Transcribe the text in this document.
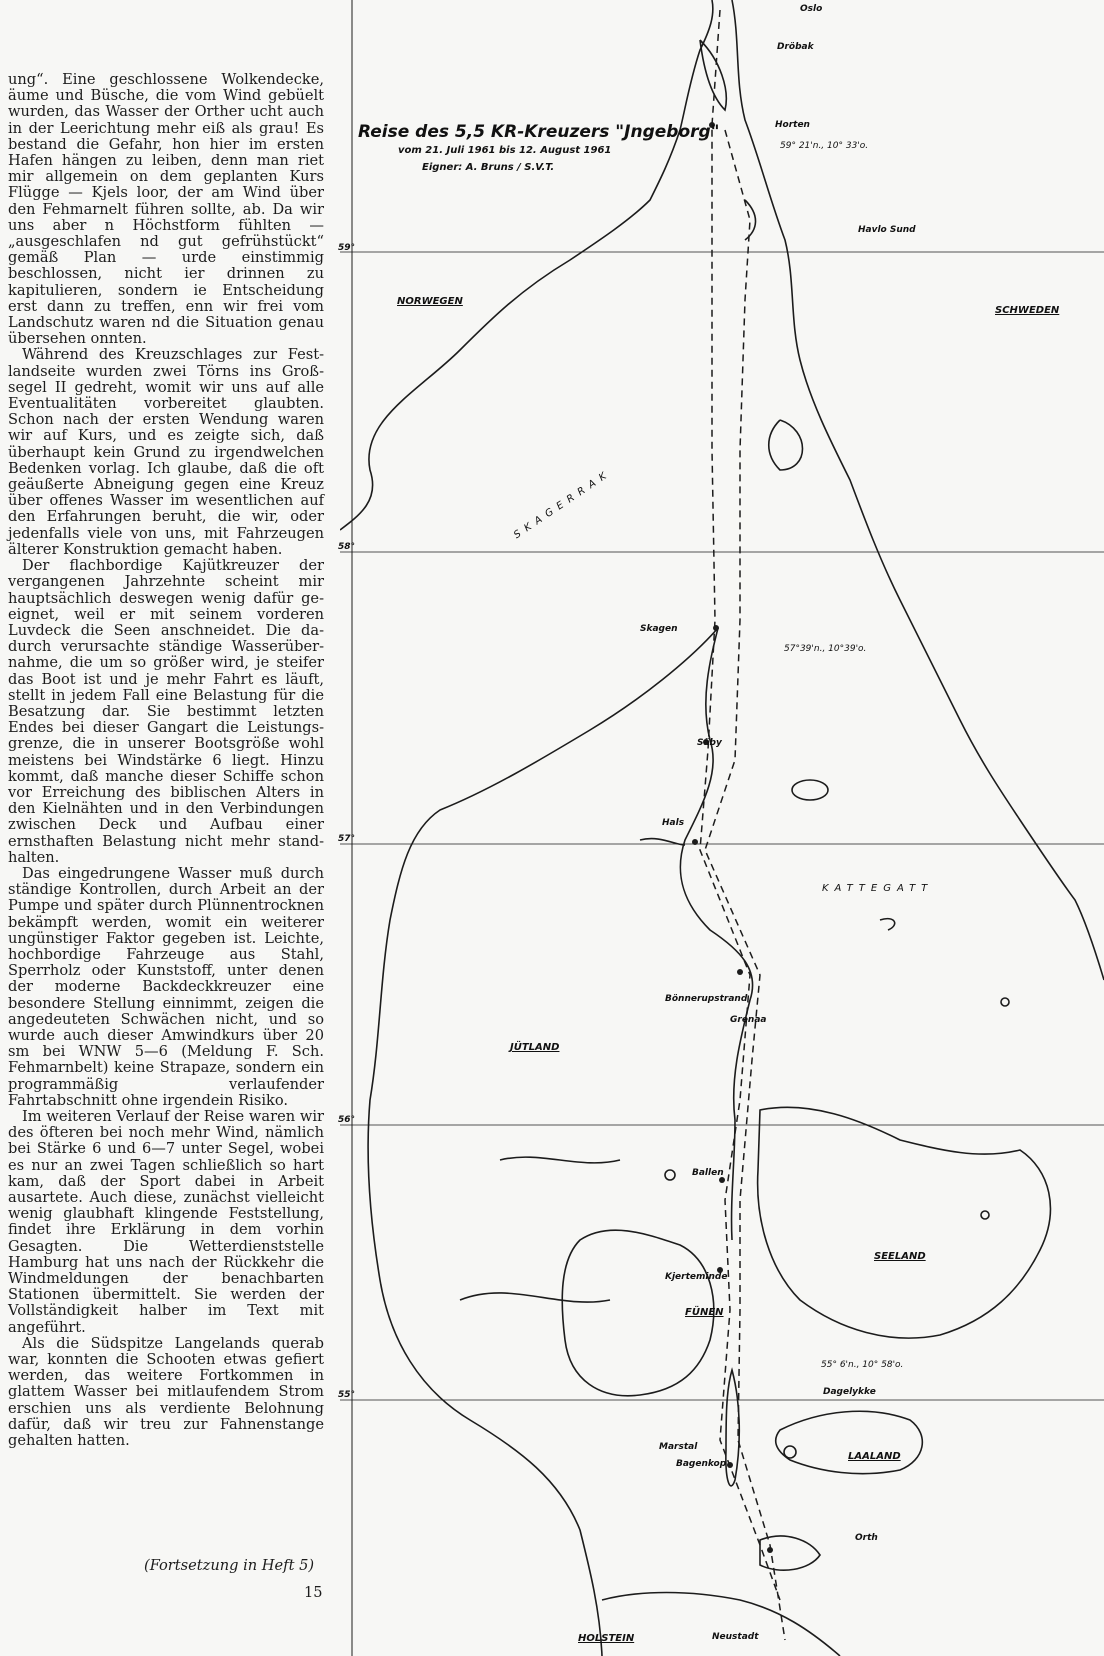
ung“. Eine geschlossene Wolkendecke, äume und Büsche, die vom Wind gebüelt wurden, das Wasser der Orther ucht auch in der Leerichtung mehr eiß als grau! Es bestand die Gefahr, hon hier im ersten Hafen hängen zu leiben, denn man riet mir allgemein on dem geplanten Kurs Flügge — Kjels loor, der am Wind über den Fehmarnelt führen sollte, ab. Da wir uns aber n Höchstform fühlten — „ausgeschlafen nd gut gefrühstückt“ gemäß Plan — urde einstimmig beschlossen, nicht ier drinnen zu kapitulieren, sondern ie Entscheidung erst dann zu treffen, enn wir frei vom Landschutz waren nd die Situation genau übersehen onnten.

Während des Kreuzschlages zur Festlandseite wurden zwei Törns ins Großsegel II gedreht, womit wir uns auf alle Eventualitäten vorbereitet glaubten. Schon nach der ersten Wendung waren wir auf Kurs, und es zeigte sich, daß überhaupt kein Grund zu irgendwelchen Bedenken vorlag. Ich glaube, daß die oft geäußerte Abneigung gegen eine Kreuz über offenes Wasser im wesentlichen auf den Erfahrungen beruht, die wir, oder jedenfalls viele von uns, mit Fahrzeugen älterer Konstruktion gemacht haben.

Der flachbordige Kajütkreuzer der vergangenen Jahrzehnte scheint mir hauptsächlich deswegen wenig dafür geeignet, weil er mit seinem vorderen Luvdeck die Seen anschneidet. Die dadurch verursachte ständige Wasserübernahme, die um so größer wird, je steifer das Boot ist und je mehr Fahrt es läuft, stellt in jedem Fall eine Belastung für die Besatzung dar. Sie bestimmt letzten Endes bei dieser Gangart die Leistungsgrenze, die in unserer Bootsgröße wohl meistens bei Windstärke 6 liegt. Hinzu kommt, daß manche dieser Schiffe schon vor Erreichung des biblischen Alters in den Kielnähten und in den Verbindungen zwischen Deck und Aufbau einer ernsthaften Belastung nicht mehr standhalten.

Das eingedrungene Wasser muß durch ständige Kontrollen, durch Arbeit an der Pumpe und später durch Plünnentrocknen bekämpft werden, womit ein weiterer ungünstiger Faktor gegeben ist. Leichte, hochbordige Fahrzeuge aus Stahl, Sperrholz oder Kunststoff, unter denen der moderne Backdeckkreuzer eine besondere Stellung einnimmt, zeigen die angedeuteten Schwächen nicht, und so wurde auch dieser Amwindkurs über 20 sm bei WNW 5—6 (Meldung F. Sch. Fehmarnbelt) keine Strapaze, sondern ein programmäßig verlaufender Fahrtabschnitt ohne irgendein Risiko.

Im weiteren Verlauf der Reise waren wir des öfteren bei noch mehr Wind, nämlich bei Stärke 6 und 6—7 unter Segel, wobei es nur an zwei Tagen schließlich so hart kam, daß der Sport dabei in Arbeit ausartete. Auch diese, zunächst vielleicht wenig glaubhaft klingende Feststellung, findet ihre Erklärung in dem vorhin Gesagten. Die Wetterdienststelle Hamburg hat uns nach der Rückkehr die Windmeldungen der benachbarten Stationen übermittelt. Sie werden der Vollständigkeit halber im Text mit angeführt.

Als die Südspitze Langelands querab war, konnten die Schooten etwas gefiert werden, das weitere Fortkommen in glattem Wasser bei mitlaufendem Strom erschien uns als verdiente Belohnung dafür, daß wir treu zur Fahnenstange gehalten hatten.

(Fortsetzung in Heft 5)
15
Reise des 5,5 KR-Kreuzers "Jngeborg"
vom 21. Juli 1961 bis 12. August 1961
Eigner: A. Bruns / S.V.T.
59°
58°
57°
56°
55°
NORWEGEN
SCHWEDEN
SKAGERRAK
KATTEGATT
JÜTLAND
SEELAND
FÜNEN
LAALAND
HOLSTEIN
Oslo
Dröbak
Horten
59° 21'n., 10° 33'o.
Havlo Sund
Skagen
57°39'n., 10°39'o.
Säby
Hals
Bönnerupstrand
Grenaa
Ballen
Kjerteminde
55° 6'n., 10° 58'o.
Dagelykke
Marstal
Bagenkop
Orth
Neustadt
